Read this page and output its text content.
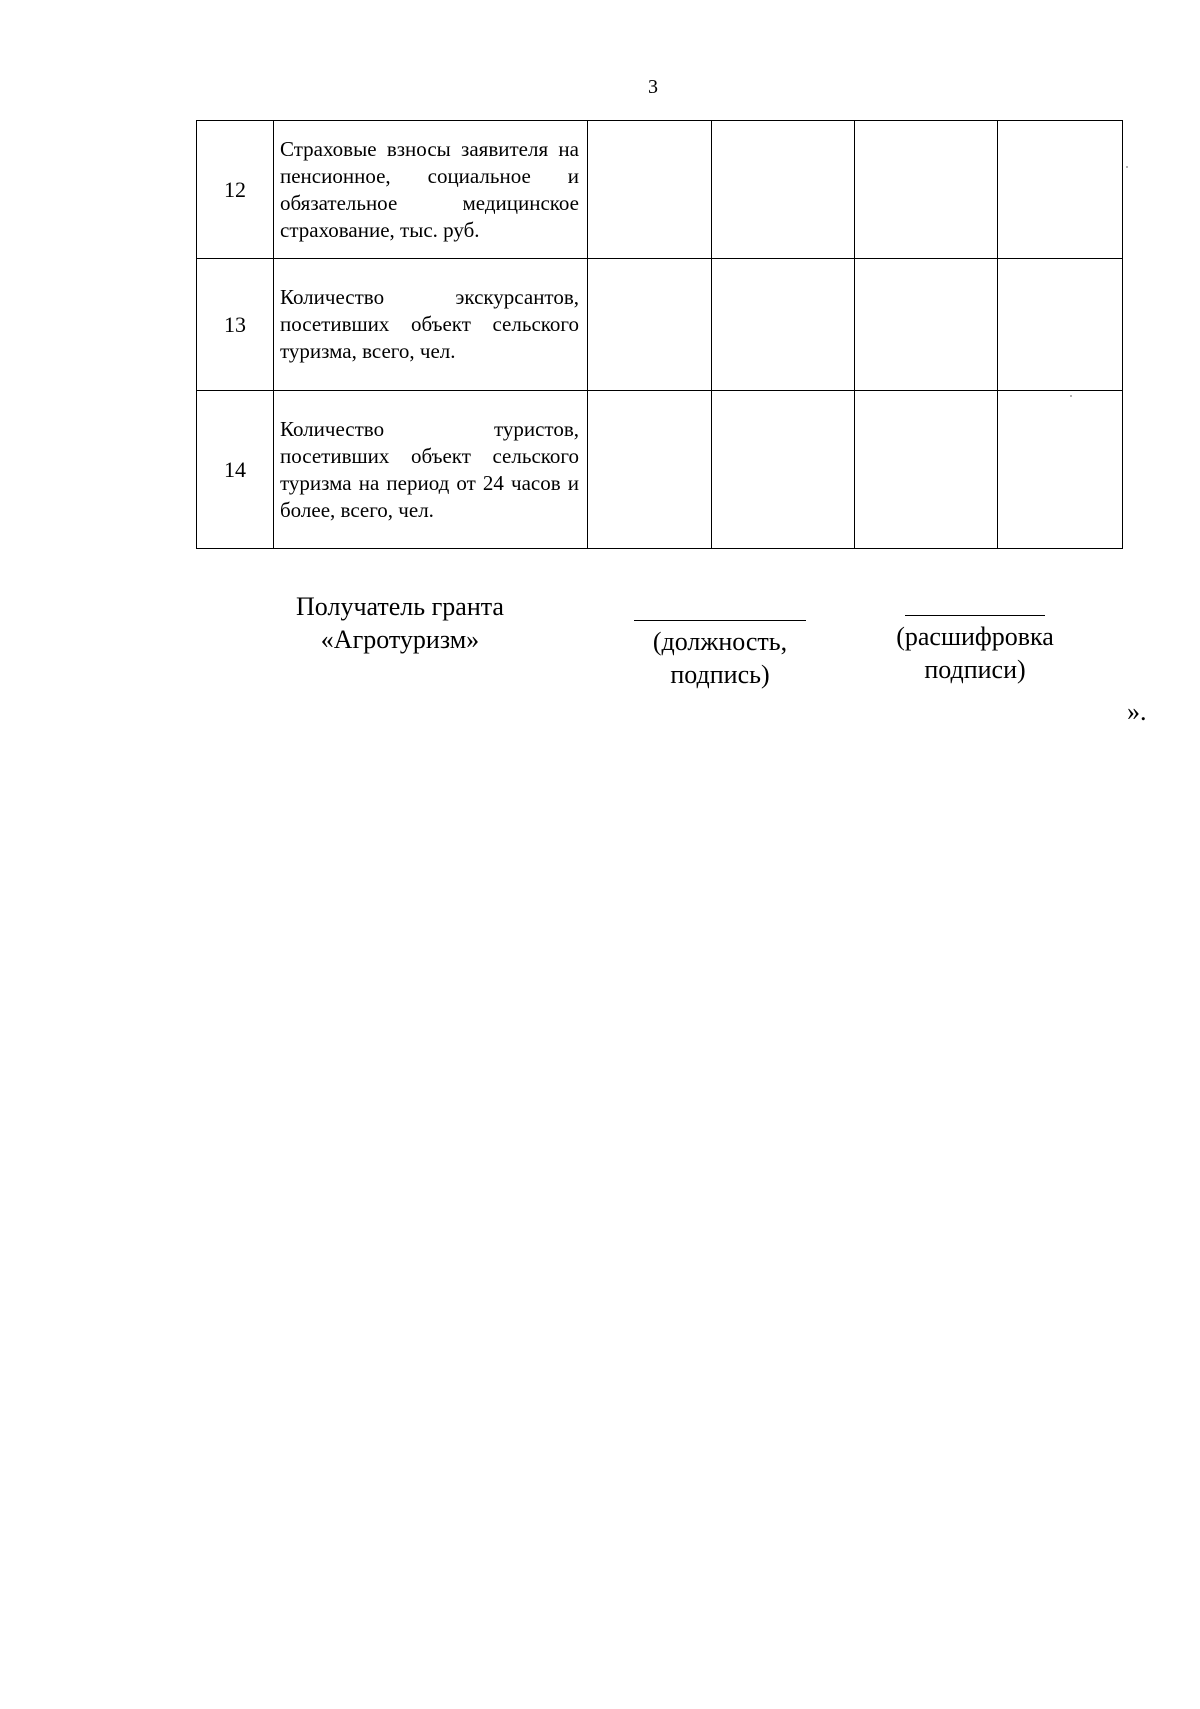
3
12	Страховые взносы заявителя на пенсионное, социальное и обязательное медицинское страхование, тыс. руб.				
13	Количество экскурсантов, посетивших объект сельского туризма, всего, чел.				
14	Количество туристов, посетивших объект сельского туризма на период от 24 часов и более, всего, чел.				
Получатель гранта
«Агротуризм»	(должность,
подпись)
(расшифровка
подписи)
».
